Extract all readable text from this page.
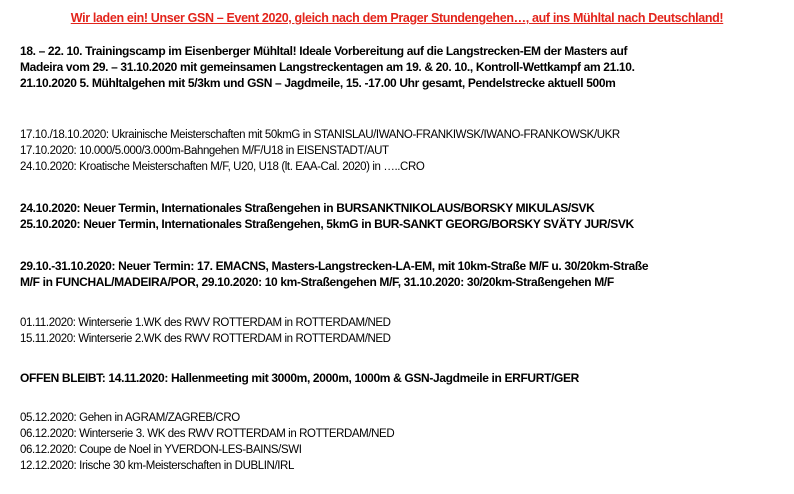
Wir laden ein! Unser GSN – Event 2020, gleich nach dem Prager Stundengehen…, auf ins Mühltal nach Deutschland!
18. – 22. 10. Trainingscamp im Eisenberger Mühltal! Ideale Vorbereitung auf die Langstrecken-EM der Masters auf
Madeira vom 29. – 31.10.2020 mit gemeinsamen Langstreckentagen am 19. & 20. 10., Kontroll-Wettkampf am 21.10.
21.10.2020 5. Mühltalgehen mit 5/3km und GSN – Jagdmeile, 15. -17.00 Uhr gesamt, Pendelstrecke aktuell 500m
17.10./18.10.2020: Ukrainische Meisterschaften mit 50kmG in STANISLAU/IWANO-FRANKIWSK/IWANO-FRANKOWSK/UKR
17.10.2020: 10.000/5.000/3.000m-Bahngehen M/F/U18 in EISENSTADT/AUT
24.10.2020: Kroatische Meisterschaften M/F, U20, U18 (lt. EAA-Cal. 2020) in …..CRO
24.10.2020: Neuer Termin, Internationales Straßengehen in BURSANKTNIKOLAUS/BORSKY MIKULAS/SVK
25.10.2020: Neuer Termin, Internationales Straßengehen, 5kmG in BUR-SANKT GEORG/BORSKY SVÄTY JUR/SVK
29.10.-31.10.2020: Neuer Termin: 17. EMACNS, Masters-Langstrecken-LA-EM, mit 10km-Straße M/F u. 30/20km-Straße
M/F in FUNCHAL/MADEIRA/POR, 29.10.2020: 10 km-Straßengehen M/F, 31.10.2020: 30/20km-Straßengehen M/F
01.11.2020: Winterserie 1.WK des RWV ROTTERDAM in ROTTERDAM/NED
15.11.2020: Winterserie 2.WK des RWV ROTTERDAM in ROTTERDAM/NED
OFFEN BLEIBT: 14.11.2020: Hallenmeeting mit 3000m, 2000m, 1000m & GSN-Jagdmeile in ERFURT/GER
05.12.2020: Gehen in AGRAM/ZAGREB/CRO
06.12.2020: Winterserie 3. WK des RWV ROTTERDAM in ROTTERDAM/NED
06.12.2020: Coupe de Noel in YVERDON-LES-BAINS/SWI
12.12.2020: Irische 30 km-Meisterschaften in DUBLIN/IRL
